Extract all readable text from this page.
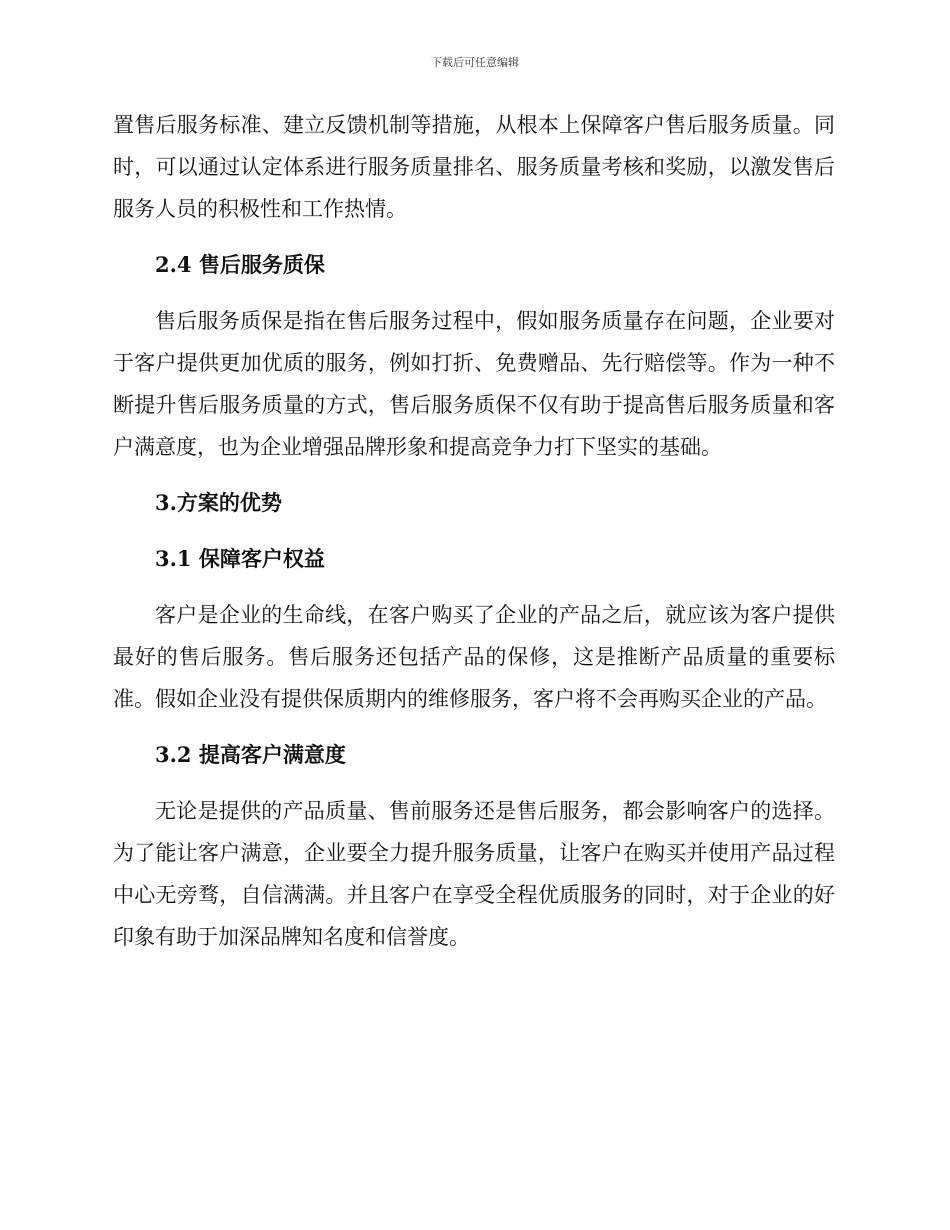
下载后可任意编辑

置售后服务标准、建立反馈机制等措施，从根本上保障客户售后服务质量。同时，可以通过认定体系进行服务质量排名、服务质量考核和奖励，以激发售后服务人员的积极性和工作热情。

2.4 售后服务质保

售后服务质保是指在售后服务过程中，假如服务质量存在问题，企业要对于客户提供更加优质的服务，例如打折、免费赠品、先行赔偿等。作为一种不断提升售后服务质量的方式，售后服务质保不仅有助于提高售后服务质量和客户满意度，也为企业增强品牌形象和提高竞争力打下坚实的基础。

3.方案的优势
3.1 保障客户权益

客户是企业的生命线，在客户购买了企业的产品之后，就应该为客户提供最好的售后服务。售后服务还包括产品的保修，这是推断产品质量的重要标准。假如企业没有提供保质期内的维修服务，客户将不会再购买企业的产品。

3.2 提高客户满意度

无论是提供的产品质量、售前服务还是售后服务，都会影响客户的选择。为了能让客户满意，企业要全力提升服务质量，让客户在购买并使用产品过程中心无旁骛，自信满满。并且客户在享受全程优质服务的同时，对于企业的好印象有助于加深品牌知名度和信誉度。
